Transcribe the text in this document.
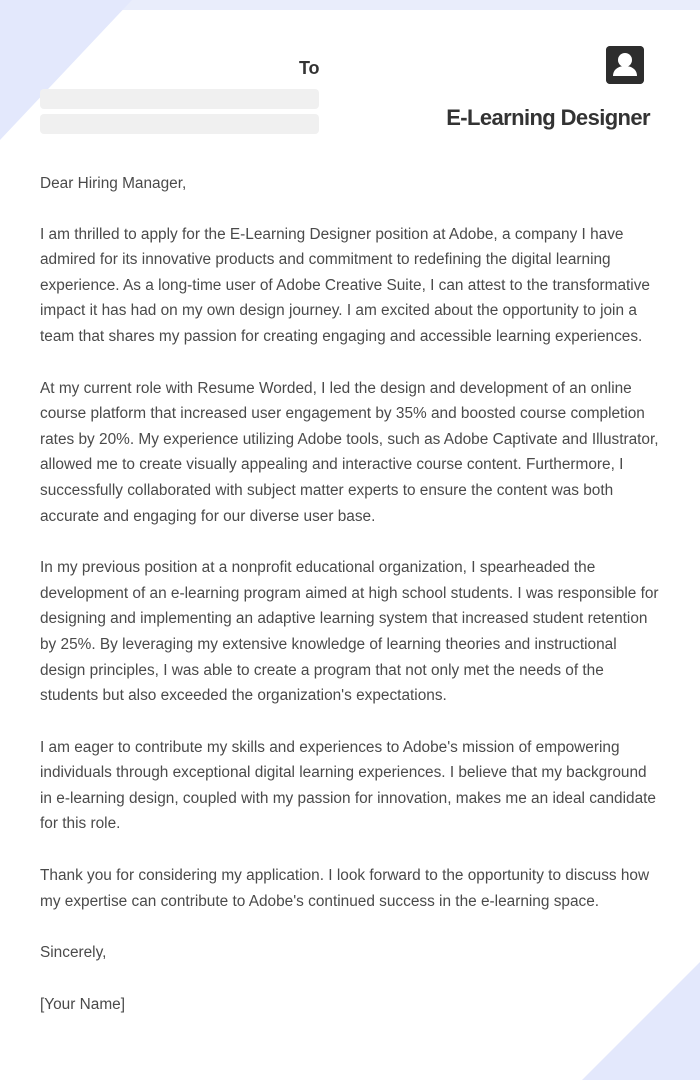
To
E-Learning Designer

Dear Hiring Manager,

I am thrilled to apply for the E-Learning Designer position at Adobe, a company I have admired for its innovative products and commitment to redefining the digital learning experience. As a long-time user of Adobe Creative Suite, I can attest to the transformative impact it has had on my own design journey. I am excited about the opportunity to join a team that shares my passion for creating engaging and accessible learning experiences.

At my current role with Resume Worded, I led the design and development of an online course platform that increased user engagement by 35% and boosted course completion rates by 20%. My experience utilizing Adobe tools, such as Adobe Captivate and Illustrator, allowed me to create visually appealing and interactive course content. Furthermore, I successfully collaborated with subject matter experts to ensure the content was both accurate and engaging for our diverse user base.

In my previous position at a nonprofit educational organization, I spearheaded the development of an e-learning program aimed at high school students. I was responsible for designing and implementing an adaptive learning system that increased student retention by 25%. By leveraging my extensive knowledge of learning theories and instructional design principles, I was able to create a program that not only met the needs of the students but also exceeded the organization's expectations.

I am eager to contribute my skills and experiences to Adobe's mission of empowering individuals through exceptional digital learning experiences. I believe that my background in e-learning design, coupled with my passion for innovation, makes me an ideal candidate for this role.

Thank you for considering my application. I look forward to the opportunity to discuss how my expertise can contribute to Adobe's continued success in the e-learning space.

Sincerely,

[Your Name]
